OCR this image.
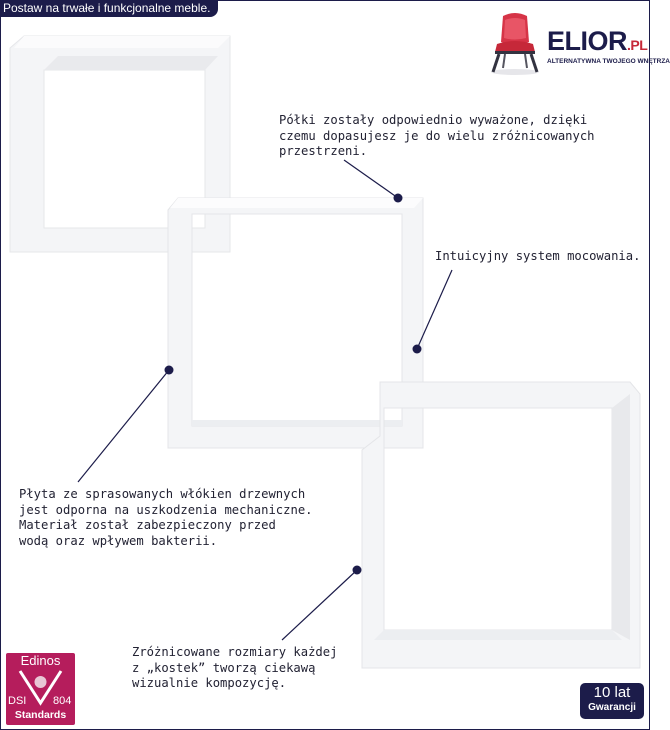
Postaw na trwałe i funkcjonalne meble.
ELIOR.PL
ALTERNATYWNA TWOJEGO WNĘTRZA
Półki zostały odpowiednio wyważone, dzięki
czemu dopasujesz je do wielu zróżnicowanych
przestrzeni.
Intuicyjny system mocowania.
Płyta ze sprasowanych włókien drzewnych
jest odporna na uszkodzenia mechaniczne.
Materiał został zabezpieczony przed
wodą oraz wpływem bakterii.
Zróżnicowane rozmiary każdej
z „kostek” tworzą ciekawą
wizualnie kompozycję.
Edinos
DSI 804
Standards
10 lat
Gwarancji
